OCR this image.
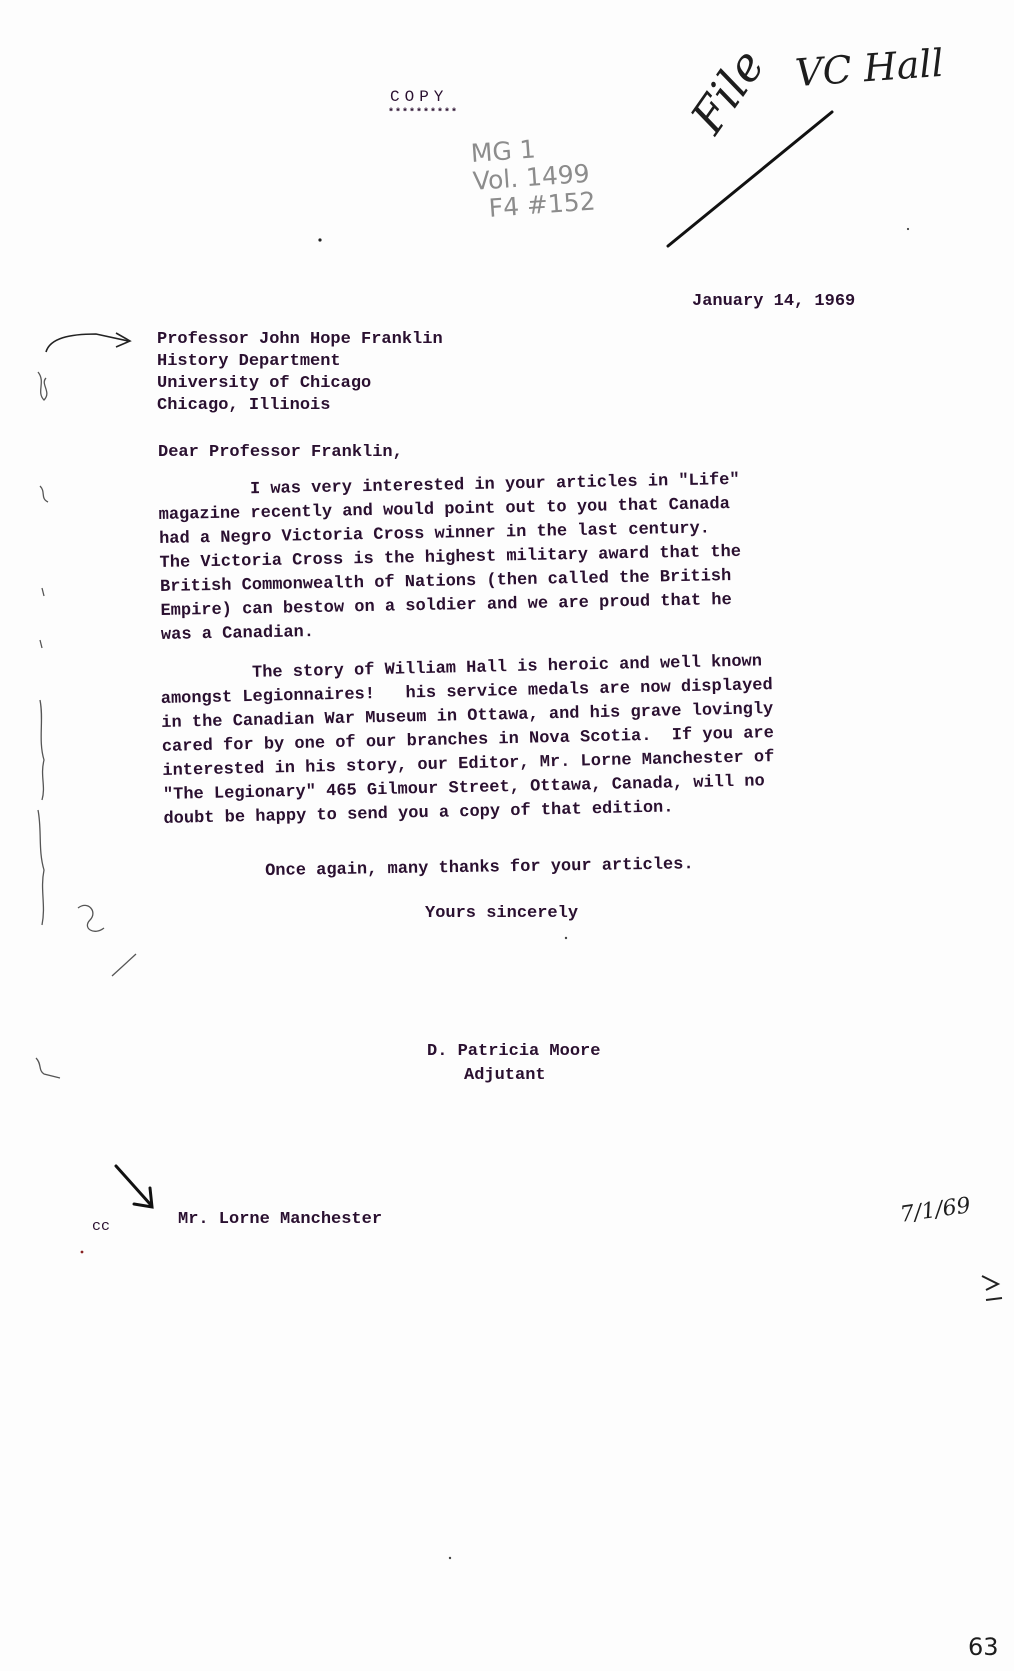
COPY
**********
MG 1
Vol. 1499
F4 #152
VC Hall
File
January 14, 1969
Professor John Hope Franklin
History Department
University of Chicago
Chicago, Illinois
Dear Professor Franklin,
I was very interested in your articles in "Life"
magazine recently and would point out to you that Canada
had a Negro Victoria Cross winner in the last century.
The Victoria Cross is the highest military award that the
British Commonwealth of Nations (then called the British
Empire) can bestow on a soldier and we are proud that he
was a Canadian.
The story of William Hall is heroic and well known
amongst Legionnaires!   his service medals are now displayed
in the Canadian War Museum in Ottawa, and his grave lovingly
cared for by one of our branches in Nova Scotia.  If you are
interested in his story, our Editor, Mr. Lorne Manchester of
"The Legionary" 465 Gilmour Street, Ottawa, Canada, will no
doubt be happy to send you a copy of that edition.
Once again, many thanks for your articles.
Yours sincerely
D. Patricia Moore
Adjutant
cc	Mr. Lorne Manchester	7/1/69
63
